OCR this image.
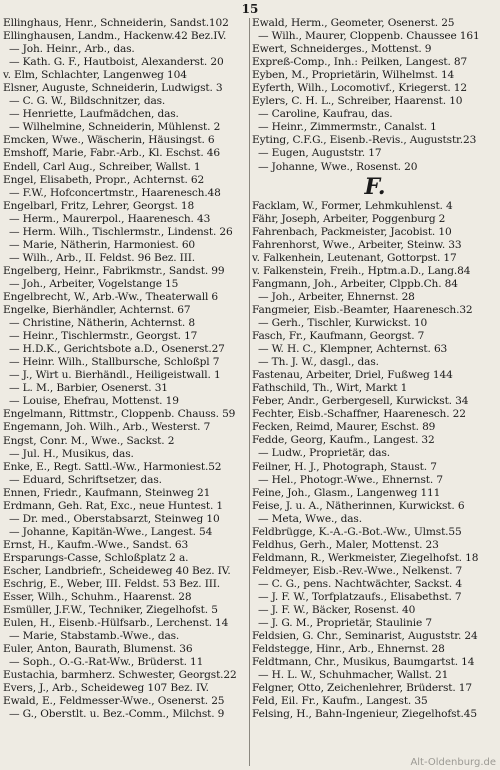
15
Ellinghaus, Henr., Schneiderin, Sandst.102
Ellinghausen, Landm., Hackenw.42 Bez.IV.
— Joh. Heinr., Arb., das.
— Kath. G. F., Hautboist, Alexanderst. 20
v. Elm, Schlachter, Langenweg 104
Elsner, Auguste, Schneiderin, Ludwigst. 3
— C. G. W., Bildschnitzer, das.
— Henriette, Laufmädchen, das.
— Wilhelmine, Schneiderin, Mühlenst. 2
Emcken, Wwe., Wäscherin, Häusingst. 6
Emshoff, Marie, Fabr.-Arb., Kl. Eschst. 46
Endell, Carl Aug., Schreiber, Wallst. 1
Engel, Elisabeth, Propr., Achternst. 62
— F.W., Hofconcertmstr., Haarenesch.48
Engelbarl, Fritz, Lehrer, Georgst. 18
— Herm., Maurerpol., Haarenesch. 43
— Herm. Wilh., Tischlermstr., Lindenst. 26
— Marie, Nätherin, Harmoniest. 60
— Wilh., Arb., II. Feldst. 96 Bez. III.
Engelberg, Heinr., Fabrikmstr., Sandst. 99
— Joh., Arbeiter, Vogelstange 15
Engelbrecht, W., Arb.-Ww., Theaterwall 6
Engelke, Bierhändler, Achternst. 67
— Christine, Nätherin, Achternst. 8
— Heinr., Tischlermstr., Georgst. 17
— H.D.K., Gerichtsbote a.D., Osenerst.27
— Heinr. Wilh., Stallbursche, Schloßpl 7
— J., Wirt u. Bierhändl., Heiligeistwall. 1
— L. M., Barbier, Osenerst. 31
— Louise, Ehefrau, Mottenst. 19
Engelmann, Rittmstr., Cloppenb. Chauss. 59
Engemann, Joh. Wilh., Arb., Westerst. 7
Engst, Conr. M., Wwe., Sackst. 2
— Jul. H., Musikus, das.
Enke, E., Regt. Sattl.-Ww., Harmoniest.52
— Eduard, Schriftsetzer, das.
Ennen, Friedr., Kaufmann, Steinweg 21
Erdmann, Geh. Rat, Exc., neue Huntest. 1
— Dr. med., Oberstabsarzt, Steinweg 10
— Johanne, Kapitän-Wwe., Langest. 54
Ernst, H., Kaufm.-Wwe., Sandst. 63
Ersparungs-Casse, Schloßplatz 2 a.
Escher, Landbriefr., Scheideweg 40 Bez. IV.
Eschrig, E., Weber, III. Feldst. 53 Bez. III.
Esser, Wilh., Schuhm., Haarenst. 28
Esmüller, J.F.W., Techniker, Ziegelhofst. 5
Eulen, H., Eisenb.-Hülfsarb., Lerchenst. 14
— Marie, Stabstamb.-Wwe., das.
Euler, Anton, Baurath, Blumenst. 36
— Soph., O.-G.-Rat-Ww., Brüderst. 11
Eustachia, barmherz. Schwester, Georgst.22
Evers, J., Arb., Scheideweg 107 Bez. IV.
Ewald, E., Feldmesser-Wwe., Osenerst. 25
— G., Oberstlt. u. Bez.-Comm., Milchst. 9
Ewald, Herm., Geometer, Osenerst. 25
— Wilh., Maurer, Cloppenb. Chaussee 161
Ewert, Schneiderges., Mottenst. 9
Expreß-Comp., Inh.: Peilken, Langest. 87
Eyben, M., Proprietärin, Wilhelmst. 14
Eyferth, Wilh., Locomotivf., Kriegerst. 12
Eylers, C. H. L., Schreiber, Haarenst. 10
— Caroline, Kaufrau, das.
— Heinr., Zimmermstr., Canalst. 1
Eyting, C.F.G., Eisenb.-Revis., Auguststr.23
— Eugen, Auguststr. 17
— Johanne, Wwe., Rosenst. 20
F.
Facklam, W., Former, Lehmkuhlenst. 4
Fähr, Joseph, Arbeiter, Poggenburg 2
Fahrenbach, Packmeister, Jacobist. 10
Fahrenhorst, Wwe., Arbeiter, Steinw. 33
v. Falkenhein, Leutenant, Gottorpst. 17
v. Falkenstein, Freih., Hptm.a.D., Lang.84
Fangmann, Joh., Arbeiter, Clppb.Ch. 84
— Joh., Arbeiter, Ehnernst. 28
Fangmeier, Eisb.-Beamter, Haarenesch.32
— Gerh., Tischler, Kurwickst. 10
Fasch, Fr., Kaufmann, Georgst. 7
— W. H. C., Klempner, Achternst. 63
— Th. J. W., dasgl., das.
Fastenau, Arbeiter, Driel, Fußweg 144
Fathschild, Th., Wirt, Markt 1
Feber, Andr., Gerbergesell, Kurwickst. 34
Fechter, Eisb.-Schaffner, Haarenesch. 22
Fecken, Reimd, Maurer, Eschst. 89
Fedde, Georg, Kaufm., Langest. 32
— Ludw., Proprietär, das.
Feilner, H. J., Photograph, Staust. 7
— Hel., Photogr.-Wwe., Ehnernst. 7
Feine, Joh., Glasm., Langenweg 111
Feise, J. u. A., Nätherinnen, Kurwickst. 6
— Meta, Wwe., das.
Feldbrügge, K.-A.-G.-Bot.-Ww., Ulmst.55
Feldhus, Gerh., Maler, Mottenst. 23
Feldmann, R., Werkmeister, Ziegelhofst. 18
Feldmeyer, Eisb.-Rev.-Wwe., Nelkenst. 7
— C. G., pens. Nachtwächter, Sackst. 4
— J. F. W., Torfplatzaufs., Elisabethst. 7
— J. F. W., Bäcker, Rosenst. 40
— J. G. M., Proprietär, Staulinie 7
Feldsien, G. Chr., Seminarist, Auguststr. 24
Feldstegge, Hinr., Arb., Ehnernst. 28
Feldtmann, Chr., Musikus, Baumgartst. 14
— H. L. W., Schuhmacher, Wallst. 21
Felgner, Otto, Zeichenlehrer, Brüderst. 17
Feld, Eil. Fr., Kaufm., Langest. 35
Felsing, H., Bahn-Ingenieur, Ziegelhofst.45
Alt-Oldenburg.de
